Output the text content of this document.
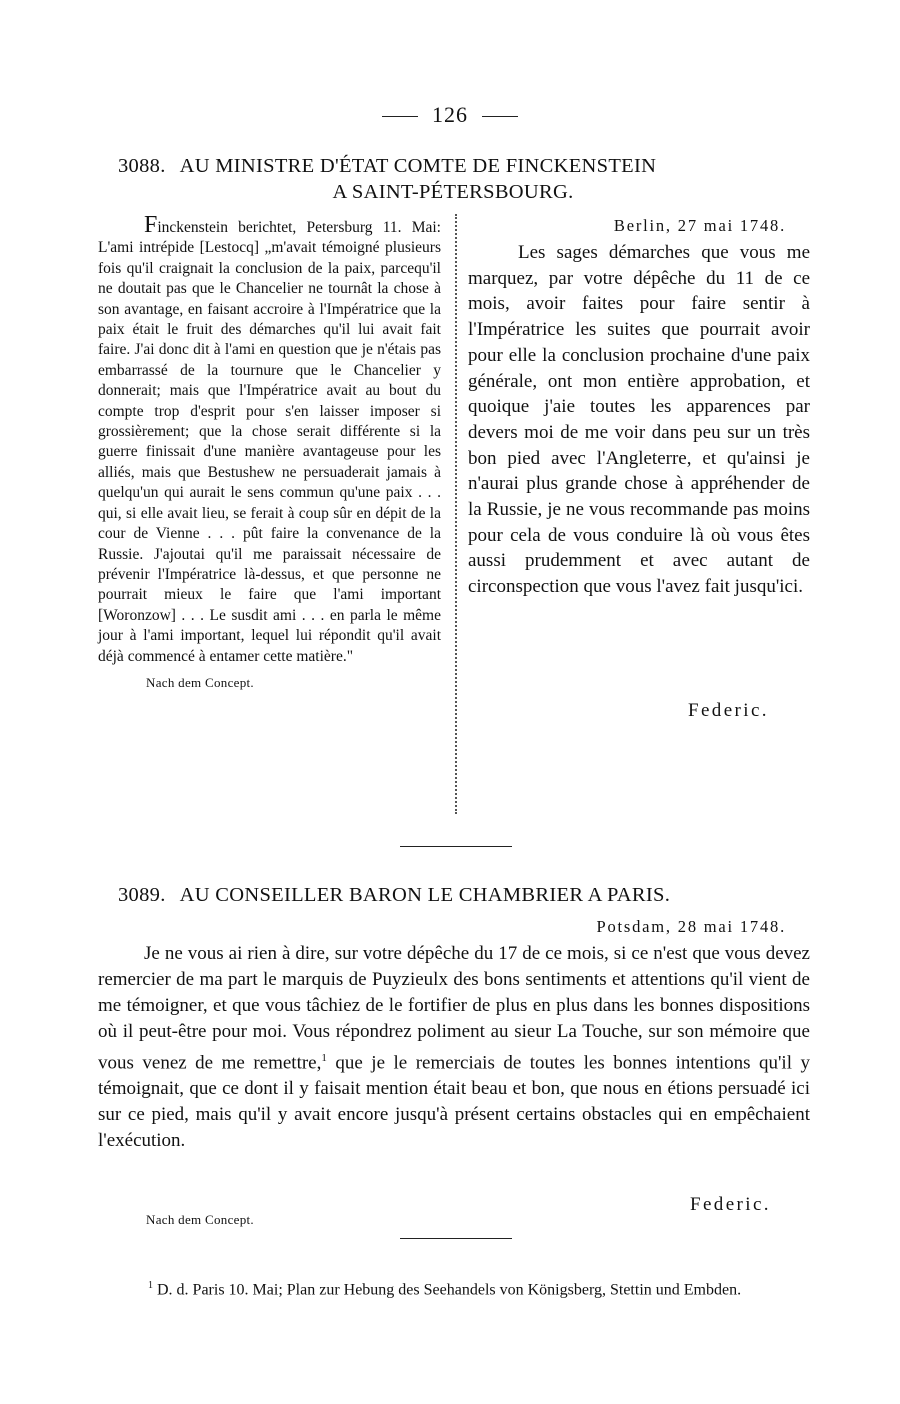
126
3088. AU MINISTRE D'ÉTAT COMTE DE FINCKENSTEIN
A SAINT-PÉTERSBOURG.

Finckenstein berichtet, Petersburg 11. Mai: L'ami intrépide [Lestocq] „m'avait témoigné plusieurs fois qu'il craignait la conclusion de la paix, parcequ'il ne doutait pas que le Chancelier ne tournât la chose à son avantage, en faisant accroire à l'Impératrice que la paix était le fruit des démarches qu'il lui avait fait faire. J'ai donc dit à l'ami en question que je n'étais pas embarrassé de la tournure que le Chancelier y donnerait; mais que l'Impératrice avait au bout du compte trop d'esprit pour s'en laisser imposer si grossièrement; que la chose serait différente si la guerre finissait d'une manière avantageuse pour les alliés, mais que Bestushew ne persuaderait jamais à quelqu'un qui aurait le sens commun qu'une paix . . . qui, si elle avait lieu, se ferait à coup sûr en dépit de la cour de Vienne . . . pût faire la convenance de la Russie. J'ajoutai qu'il me paraissait nécessaire de prévenir l'Impératrice là-dessus, et que personne ne pourrait mieux le faire que l'ami important [Woronzow] . . . Le susdit ami . . . en parla le même jour à l'ami important, lequel lui répondit qu'il avait déjà commencé à entamer cette matière."

Nach dem Concept.
Berlin, 27 mai 1748.

Les sages démarches que vous me marquez, par votre dépêche du 11 de ce mois, avoir faites pour faire sentir à l'Impératrice les suites que pourrait avoir pour elle la conclusion prochaine d'une paix générale, ont mon entière approbation, et quoique j'aie toutes les apparences par devers moi de me voir dans peu sur un très bon pied avec l'Angleterre, et qu'ainsi je n'aurai plus grande chose à appréhender de la Russie, je ne vous recommande pas moins pour cela de vous conduire là où vous êtes aussi prudemment et avec autant de circonspection que vous l'avez fait jusqu'ici.

Federic.
3089. AU CONSEILLER BARON LE CHAMBRIER A PARIS.
Potsdam, 28 mai 1748.

Je ne vous ai rien à dire, sur votre dépêche du 17 de ce mois, si ce n'est que vous devez remercier de ma part le marquis de Puyzieulx des bons sentiments et attentions qu'il vient de me témoigner, et que vous tâchiez de le fortifier de plus en plus dans les bonnes dispositions où il peut-être pour moi. Vous répondrez poliment au sieur La Touche, sur son mémoire que vous venez de me remettre,$^1$ que je le remerciais de toutes les bonnes intentions qu'il y témoignait, que ce dont il y faisait mention était beau et bon, que nous en étions persuadé ici sur ce pied, mais qu'il y avait encore jusqu'à présent certains obstacles qui en empêchaient l'exécution.

Federic.
Nach dem Concept.

$^1$ D. d. Paris 10. Mai; Plan zur Hebung des Seehandels von Königsberg, Stettin und Embden.
